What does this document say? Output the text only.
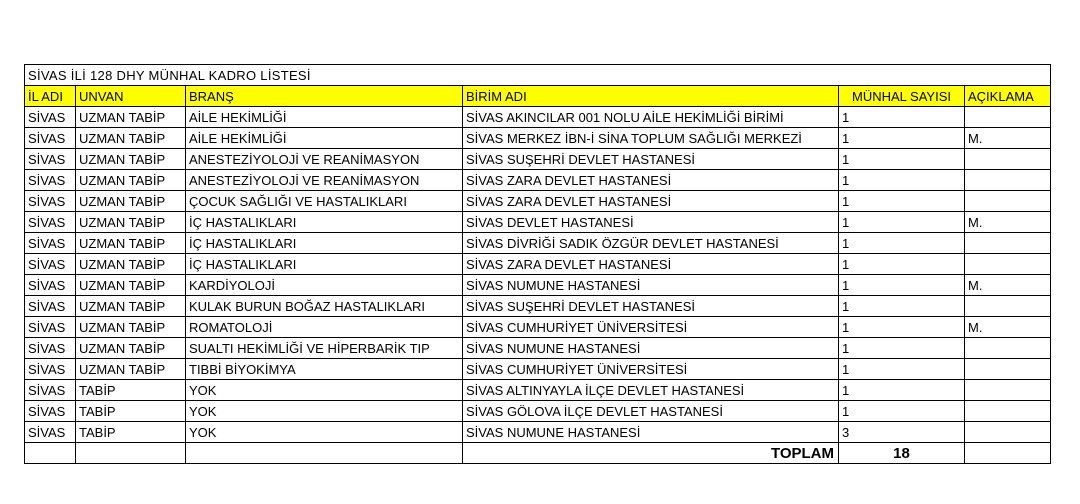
SİVAS İLİ 128 DHY MÜNHAL KADRO LİSTESİ					
İL ADI	UNVAN	BRANŞ	BİRİM ADI	MÜNHAL SAYISI	AÇIKLAMA
SİVAS	UZMAN TABİP	AİLE HEKİMLİĞİ	SİVAS AKINCILAR 001 NOLU AİLE HEKİMLİĞİ BİRİMİ	1	
SİVAS	UZMAN TABİP	AİLE HEKİMLİĞİ	SİVAS MERKEZ İBN-İ SİNA TOPLUM SAĞLIĞI MERKEZİ	1	M.
SİVAS	UZMAN TABİP	ANESTEZİYOLOJİ VE REANİMASYON	SİVAS SUŞEHRİ DEVLET HASTANESİ	1	
SİVAS	UZMAN TABİP	ANESTEZİYOLOJİ VE REANİMASYON	SİVAS ZARA DEVLET HASTANESİ	1	
SİVAS	UZMAN TABİP	ÇOCUK SAĞLIĞI VE HASTALIKLARI	SİVAS ZARA DEVLET HASTANESİ	1	
SİVAS	UZMAN TABİP	İÇ HASTALIKLARI	SİVAS DEVLET HASTANESİ	1	M.
SİVAS	UZMAN TABİP	İÇ HASTALIKLARI	SİVAS DİVRİĞİ SADIK ÖZGÜR DEVLET HASTANESİ	1	
SİVAS	UZMAN TABİP	İÇ HASTALIKLARI	SİVAS ZARA DEVLET HASTANESİ	1	
SİVAS	UZMAN TABİP	KARDİYOLOJİ	SİVAS NUMUNE HASTANESİ	1	M.
SİVAS	UZMAN TABİP	KULAK BURUN BOĞAZ HASTALIKLARI	SİVAS SUŞEHRİ DEVLET HASTANESİ	1	
SİVAS	UZMAN TABİP	ROMATOLOJİ	SİVAS CUMHURİYET ÜNİVERSİTESİ	1	M.
SİVAS	UZMAN TABİP	SUALTI HEKİMLİĞİ VE HİPERBARİK TIP	SİVAS NUMUNE HASTANESİ	1	
SİVAS	UZMAN TABİP	TIBBİ BİYOKİMYA	SİVAS CUMHURİYET ÜNİVERSİTESİ	1	
SİVAS	TABİP	YOK	SİVAS ALTINYAYLA İLÇE DEVLET HASTANESİ	1	
SİVAS	TABİP	YOK	SİVAS GÖLOVA İLÇE DEVLET HASTANESİ	1	
SİVAS	TABİP	YOK	SİVAS NUMUNE HASTANESİ	3	
			TOPLAM	18	
